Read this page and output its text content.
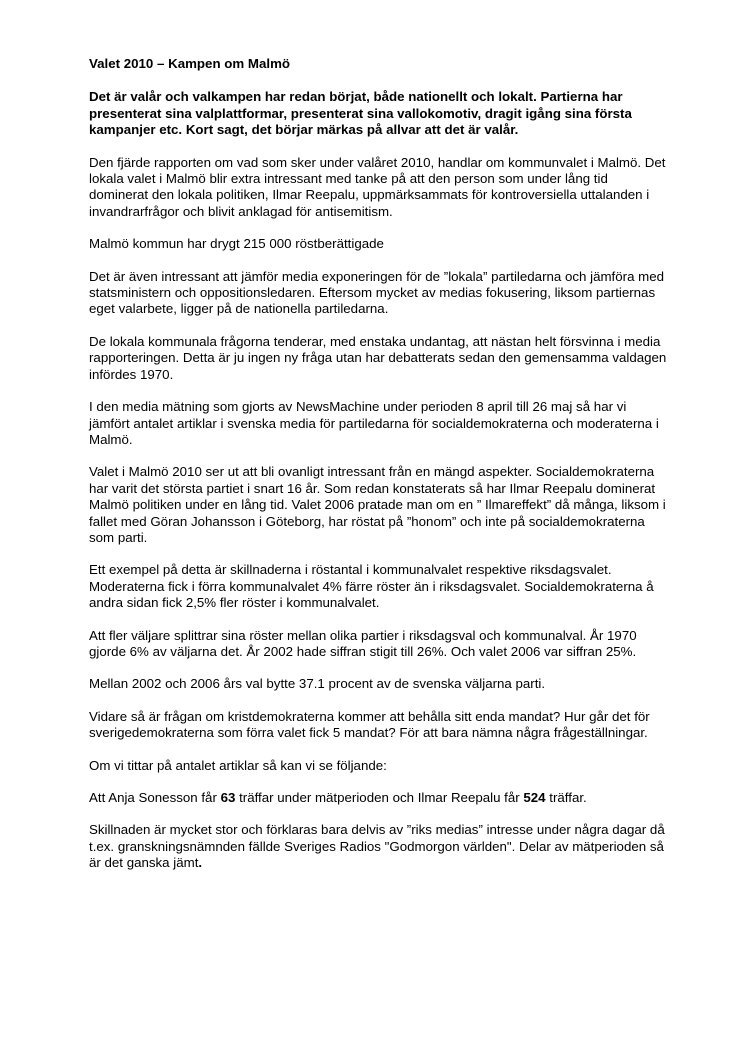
Valet 2010 – Kampen om Malmö

Det är valår och valkampen har redan börjat, både nationellt och lokalt. Partierna har presenterat sina valplattformar, presenterat sina vallokomotiv, dragit igång sina första kampanjer etc. Kort sagt, det börjar märkas på allvar att det är valår.

Den fjärde rapporten om vad som sker under valåret 2010, handlar om kommunvalet i Malmö. Det lokala valet i Malmö blir extra intressant med tanke på att den person som under lång tid dominerat den lokala politiken, Ilmar Reepalu, uppmärksammats för kontroversiella uttalanden i invandrarfrågor och blivit anklagad för antisemitism.

Malmö kommun har drygt 215 000 röstberättigade

Det är även intressant att jämför media exponeringen för de ”lokala” partiledarna och jämföra med statsministern och oppositionsledaren. Eftersom mycket av medias fokusering, liksom partiernas eget valarbete, ligger på de nationella partiledarna.

De lokala kommunala frågorna tenderar, med enstaka undantag, att nästan helt försvinna i media rapporteringen. Detta är ju ingen ny fråga utan har debatterats sedan den gemensamma valdagen infördes 1970.

I den media mätning som gjorts av NewsMachine under perioden 8 april till 26 maj så har vi jämfört antalet artiklar i svenska media för partiledarna för socialdemokraterna och moderaterna i Malmö.

Valet i Malmö 2010 ser ut att bli ovanligt intressant från en mängd aspekter. Socialdemokraterna har varit det största partiet i snart 16 år. Som redan konstaterats så har Ilmar Reepalu dominerat Malmö politiken under en lång tid. Valet 2006 pratade man om en ” Ilmareffekt” då många, liksom i fallet med Göran Johansson i Göteborg, har röstat på ”honom” och inte på socialdemokraterna som parti.

Ett exempel på detta är skillnaderna i röstantal i kommunalvalet respektive riksdagsvalet. Moderaterna fick i förra kommunalvalet 4% färre röster än i riksdagsvalet. Socialdemokraterna å andra sidan fick 2,5% fler röster i kommunalvalet.

Att fler väljare splittrar sina röster mellan olika partier i riksdagsval och kommunalval. År 1970 gjorde 6% av väljarna det. År 2002 hade siffran stigit till 26%. Och valet 2006 var siffran 25%.

Mellan 2002 och 2006 års val bytte 37.1 procent av de svenska väljarna parti.

Vidare så är frågan om kristdemokraterna kommer att behålla sitt enda mandat? Hur går det för sverigedemokraterna som förra valet fick 5 mandat? För att bara nämna några frågeställningar.

Om vi tittar på antalet artiklar så kan vi se följande:

Att Anja Sonesson får 63 träffar under mätperioden och Ilmar Reepalu får 524 träffar.

Skillnaden är mycket stor och förklaras bara delvis av ”riks medias” intresse under några dagar då t.ex. granskningsnämnden fällde Sveriges Radios "Godmorgon världen". Delar av mätperioden så är det ganska jämt.
